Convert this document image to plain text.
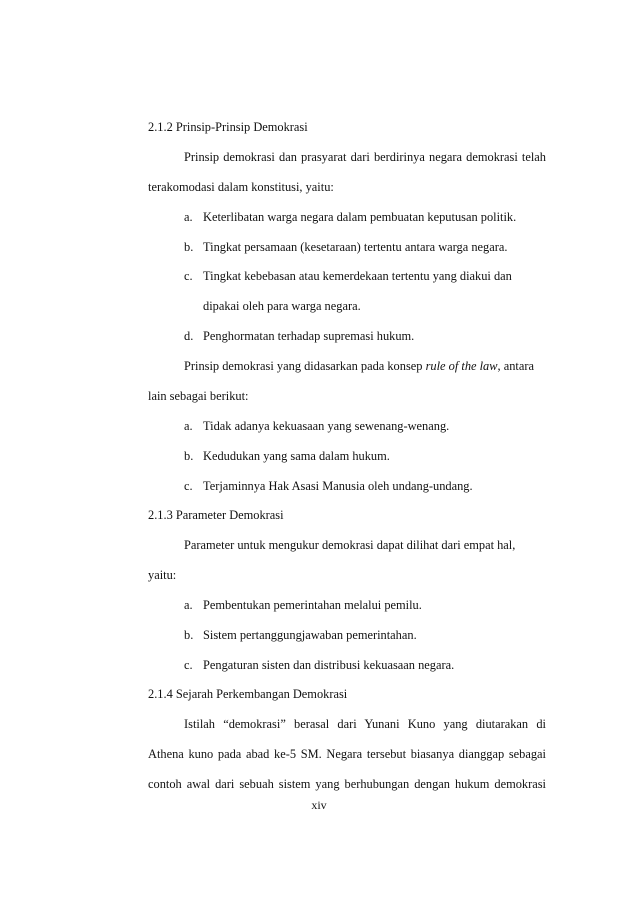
2.1.2 Prinsip-Prinsip Demokrasi
Prinsip demokrasi dan prasyarat dari berdirinya negara demokrasi telah
terakomodasi dalam konstitusi, yaitu:
a. Keterlibatan warga negara dalam pembuatan keputusan politik.
b. Tingkat persamaan (kesetaraan) tertentu antara warga negara.
c. Tingkat kebebasan atau kemerdekaan tertentu yang diakui dan
dipakai oleh para warga negara.
d. Penghormatan terhadap supremasi hukum.
Prinsip demokrasi yang didasarkan pada konsep rule of the law, antara
lain sebagai berikut:
a. Tidak adanya kekuasaan yang sewenang-wenang.
b. Kedudukan yang sama dalam hukum.
c. Terjaminnya Hak Asasi Manusia oleh undang-undang.
2.1.3 Parameter Demokrasi
Parameter untuk mengukur demokrasi dapat dilihat dari empat hal,
yaitu:
a. Pembentukan pemerintahan melalui pemilu.
b. Sistem pertanggungjawaban pemerintahan.
c. Pengaturan sisten dan distribusi kekuasaan negara.
2.1.4 Sejarah Perkembangan Demokrasi
Istilah “demokrasi” berasal dari Yunani Kuno yang diutarakan di
Athena kuno pada abad ke-5 SM. Negara tersebut biasanya dianggap sebagai
contoh awal dari sebuah sistem yang berhubungan dengan hukum demokrasi
xiv
